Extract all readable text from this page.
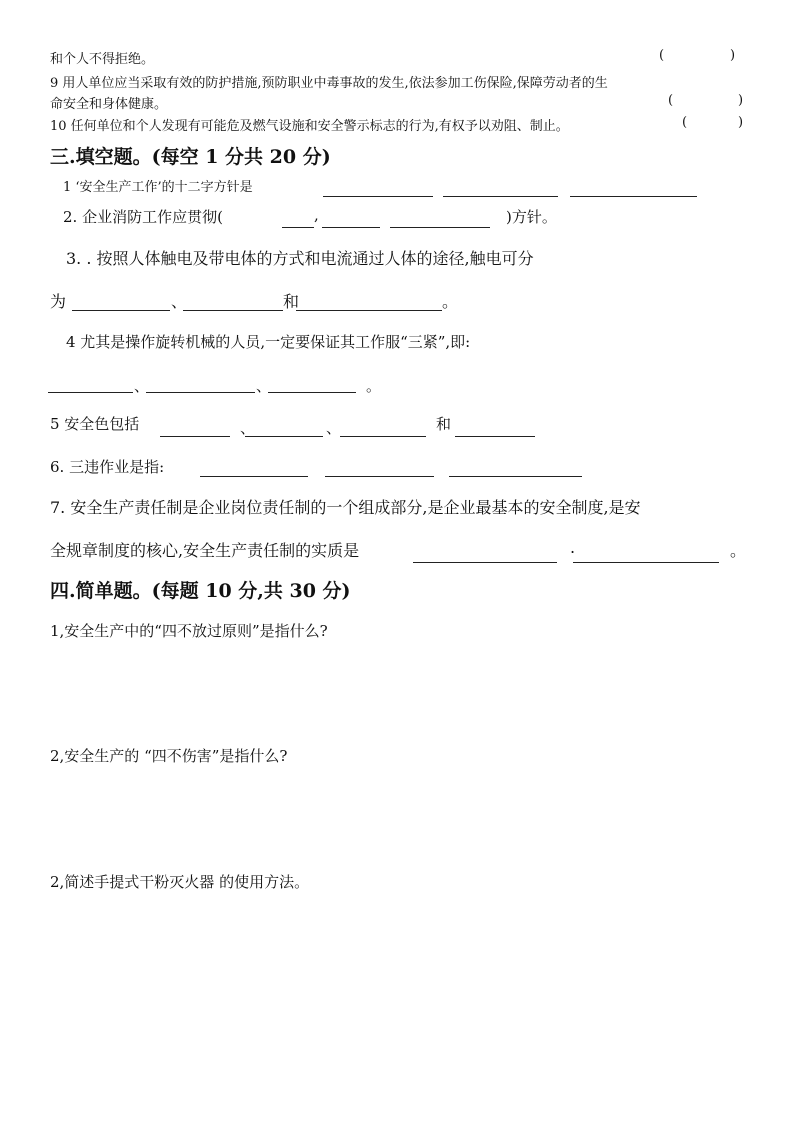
和个人不得拒绝。	(	)
9 用人单位应当采取有效的防护措施,预防职业中毒事故的发生,依法参加工伤保险,保障劳动者的生
命安全和身体健康。	(	)
10 任何单位和个人发现有可能危及燃气设施和安全警示标志的行为,有权予以劝阻、制止。	(	)
三.填空题。(每空 1 分共 20 分)
1 ‘安全生产工作’的十二字方针是
2. 企业消防工作应贯彻(	,	)方针。
3. . 按照人体触电及带电体的方式和电流通过人体的途径,触电可分
为	、	和	。
4 尤其是操作旋转机械的人员,一定要保证其工作服“三紧”,即:
、	、	。
5 安全色包括	、	、	和
6. 三违作业是指:
7. 安全生产责任制是企业岗位责任制的一个组成部分,是企业最基本的安全制度,是安
全规章制度的核心,安全生产责任制的实质是	.	。
四.简单题。(每题 10 分,共 30 分)
1,安全生产中的“四不放过原则”是指什么?
2,安全生产的 “四不伤害”是指什么?
2,简述手提式干粉灭火器 的使用方法。
